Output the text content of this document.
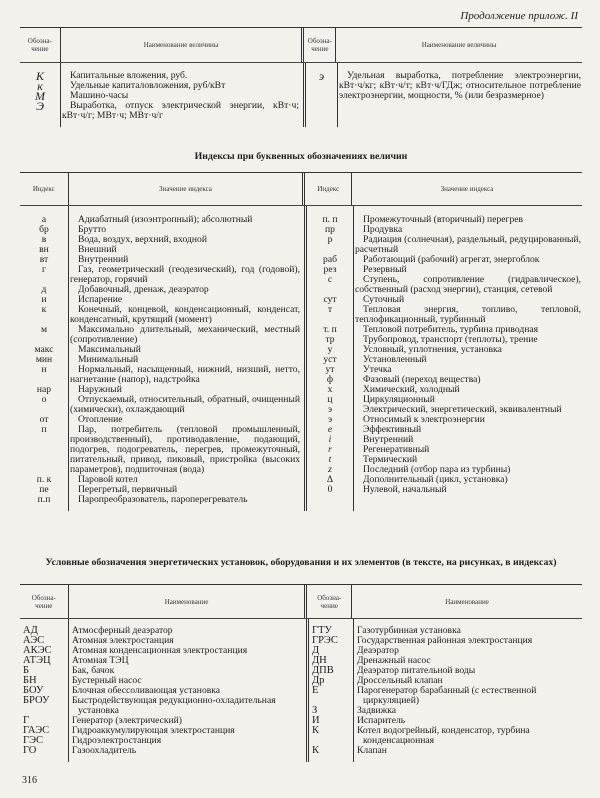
Продолжение прилож. II
Обозна-
чение	Наименование величины	Обозна-
чение	Наименование величины
К	Капитальные вложения, руб.
к	Удельные капиталовложения, руб/кВт
М	Машино-часы
Э	Выработка, отпуск электрической энергии, кВт·ч; кВт·ч/г; МВт·ч; МВт·ч/г
э	Удельная выработка, потребление электроэнергии, кВт·ч/кг; кВт·ч/т; кВт·ч/ГДж; относительное потребление электроэнергии, мощности, % (или безразмерное)
Индексы при буквенных обозначениях величин
Индекс	Значение индекса	Индекс	Значение индекса
а	Адиабатный (изоэнтропный); абсолютный
бр	Брутто
в	Вода, воздух, верхний, входной
вн	Внешний
вт	Внутренний
г	Газ, геометрический (геодезический), год (годовой), генератор, горячий
д	Добавочный, дренаж, деаэратор
и	Испарение
к	Конечный, концевой, конденсационный, конденсат, конденсатный, крутящий (момент)
м	Максимально длительный, механический, местный (сопротивление)
макс	Максимальный
мин	Минимальный
н	Нормальный, насыщенный, нижний, низший, нетто, нагнетание (напор), надстройка
нар	Наружный
о	Отпускаемый, относительный, обратный, очищенный (химически), охлаждающий
от	Отопление
п	Пар, потребитель (тепловой промышленный, производственный), противодавление, подающий, подогрев, подогреватель, перегрев, промежуточный, питательный, привод, пиковый, пристройка (высоких параметров), подпиточная (вода)
п. к	Паровой котел
пе	Перегретый, первичный
п.п	Паропреобразователь, пароперегреватель
п. п	Промежуточный (вторичный) перегрев
пр	Продувка
р	Радиация (солнечная), раздельный, редуцированный, расчетный
раб	Работающий (рабочий) агрегат, энергоблок
рез	Резервный
с	Ступень, сопротивление (гидравлическое), собственный (расход энергии), станция, сетевой
сут	Суточный
т	Тепловая энергия, топливо, тепловой, теплофикационный, турбинный
т. п	Тепловой потребитель, турбина приводная
тр	Трубопровод, транспорт (теплоты), трение
у	Условный, уплотнения, установка
уст	Установленный
ут	Утечка
ф	Фазовый (переход вещества)
х	Химический, холодный
ц	Циркуляционный
э	Электрический, энергетический, эквивалентный
э	Относимый к электроэнергии
e	Эффективный
i	Внутренний
r	Регенеративный
t	Термический
z	Последний (отбор пара из турбины)
Δ	Дополнительный (цикл, установка)
0	Нулевой, начальный
Условные обозначения энергетических установок, оборудования и их элементов (в тексте, на рисунках, в индексах)
Обозна-
чение	Наименование	Обозна-
чение	Наименование
АД	Атмосферный деаэратор
АЭС	Атомная электростанция
АКЭС	Атомная конденсационная электростанция
АТЭЦ	Атомная ТЭЦ
Б	Бак, бачок
БН	Бустерный насос
БОУ	Блочная обессоливающая установка
БРОУ	Быстродействующая редукционно-охладительная установка
Г	Генератор (электрический)
ГАЭС	Гидроаккумулирующая электростанция
ГЭС	Гидроэлектростанция
ГО	Газоохладитель
ГТУ	Газотурбинная установка
ГРЭС	Государственная районная электростанция
Д	Деаэратор
ДН	Дренажный насос
ДПВ	Деаэратор питательной воды
Др	Дроссельный клапан
Е	Парогенератор барабанный (с естественной циркуляцией)
З	Задвижка
И	Испаритель
К	Котел водогрейный, конденсатор, турбина конденсационная
К	Клапан
316
